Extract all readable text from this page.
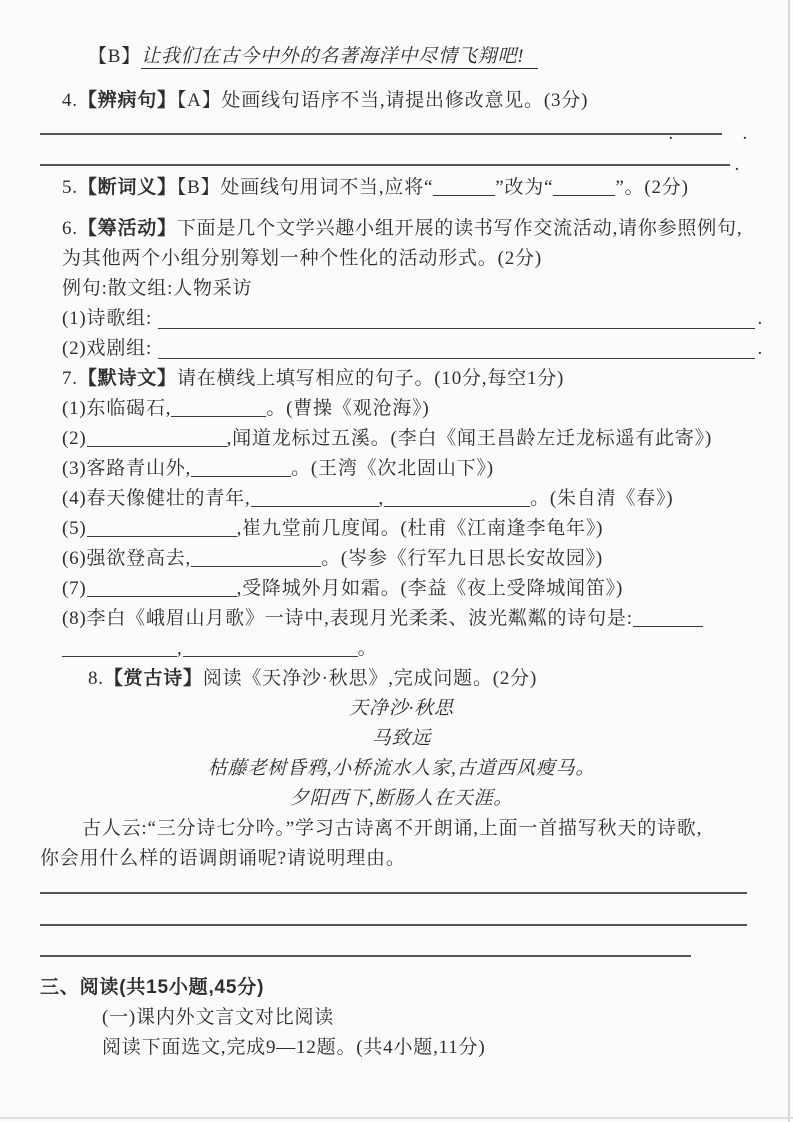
【B】让我们在古今中外的名著海洋中尽情飞翔吧!
4.【辨病句】【A】处画线句语序不当,请提出修改意见。(3分)
.	.
.
5.【断词义】【B】处画线句用词不当,应将“	”改为“	”。(2分)
6.【筹活动】下面是几个文学兴趣小组开展的读书写作交流活动,请你参照例句,
为其他两个小组分别筹划一种个性化的活动形式。(2分)
例句:散文组:人物采访
(1)诗歌组:	.
(2)戏剧组:	.
7.【默诗文】请在横线上填写相应的句子。(10分,每空1分)
(1)东临碣石,	。(曹操《观沧海》)
(2)	,闻道龙标过五溪。(李白《闻王昌龄左迁龙标遥有此寄》)
(3)客路青山外,	。(王湾《次北固山下》)
(4)春天像健壮的青年,	,	。(朱自清《春》)
(5)	,崔九堂前几度闻。(杜甫《江南逢李龟年》)
(6)强欲登高去,	。(岑参《行军九日思长安故园》)
(7)	,受降城外月如霜。(李益《夜上受降城闻笛》)
(8)李白《峨眉山月歌》一诗中,表现月光柔柔、波光粼粼的诗句是:
,	。
8.【赏古诗】阅读《天净沙·秋思》,完成问题。(2分)
天净沙·秋思
马致远
枯藤老树昏鸦,小桥流水人家,古道西风瘦马。
夕阳西下,断肠人在天涯。
古人云:“三分诗七分吟。”学习古诗离不开朗诵,上面一首描写秋天的诗歌,
你会用什么样的语调朗诵呢?请说明理由。
三、阅读(共15小题,45分)
(一)课内外文言文对比阅读
阅读下面选文,完成9—12题。(共4小题,11分)
